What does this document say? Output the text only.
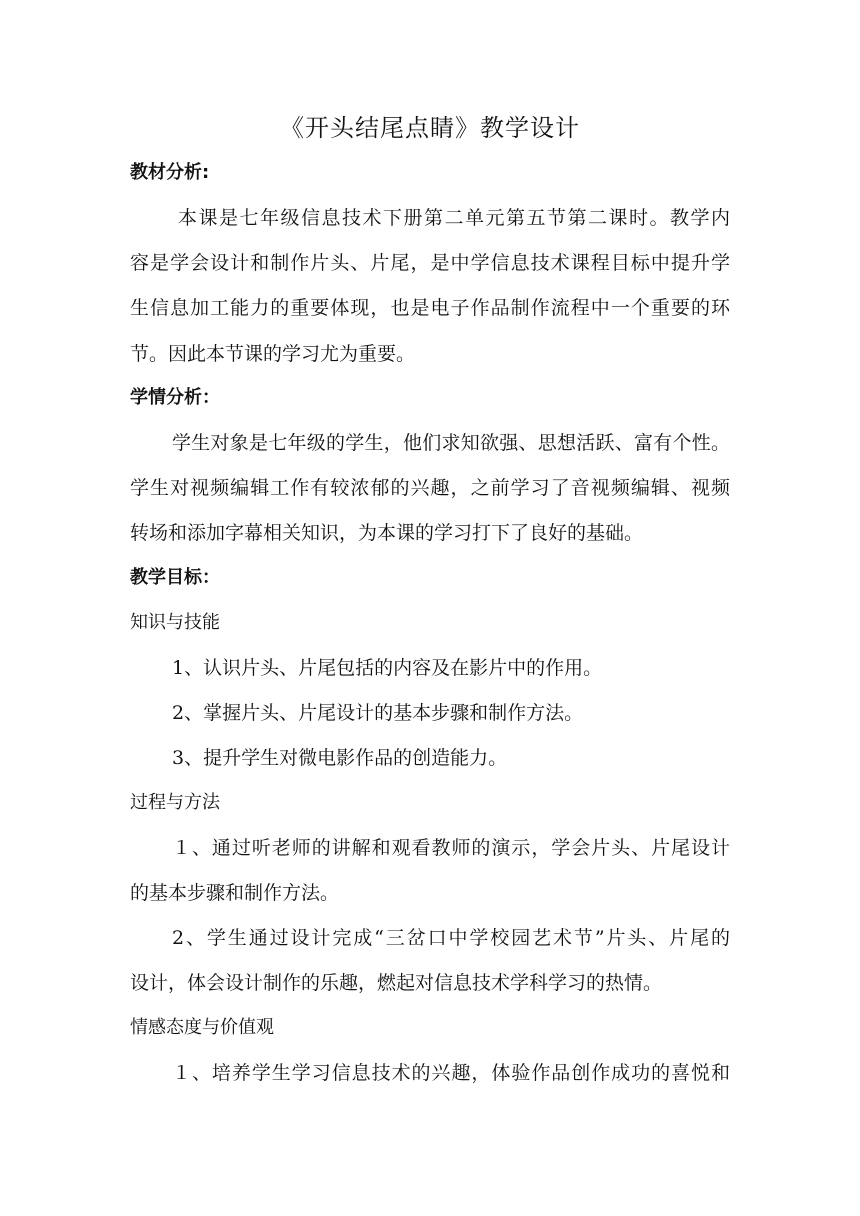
《开头结尾点睛》教学设计

教材分析:

本课是七年级信息技术下册第二单元第五节第二课时。教学内

容是学会设计和制作片头、片尾，是中学信息技术课程目标中提升学

生信息加工能力的重要体现，也是电子作品制作流程中一个重要的环

节。因此本节课的学习尤为重要。

学情分析：

学生对象是七年级的学生，他们求知欲强、思想活跃、富有个性。

学生对视频编辑工作有较浓郁的兴趣，之前学习了音视频编辑、视频

转场和添加字幕相关知识，为本课的学习打下了良好的基础。

教学目标：

知识与技能

1、认识片头、片尾包括的内容及在影片中的作用。

2、掌握片头、片尾设计的基本步骤和制作方法。

3、提升学生对微电影作品的创造能力。

过程与方法

１、通过听老师的讲解和观看教师的演示，学会片头、片尾设计

的基本步骤和制作方法。

2、学生通过设计完成“三岔口中学校园艺术节”片头、片尾的

设计，体会设计制作的乐趣，燃起对信息技术学科学习的热情。

情感态度与价值观

１、培养学生学习信息技术的兴趣，体验作品创作成功的喜悦和
